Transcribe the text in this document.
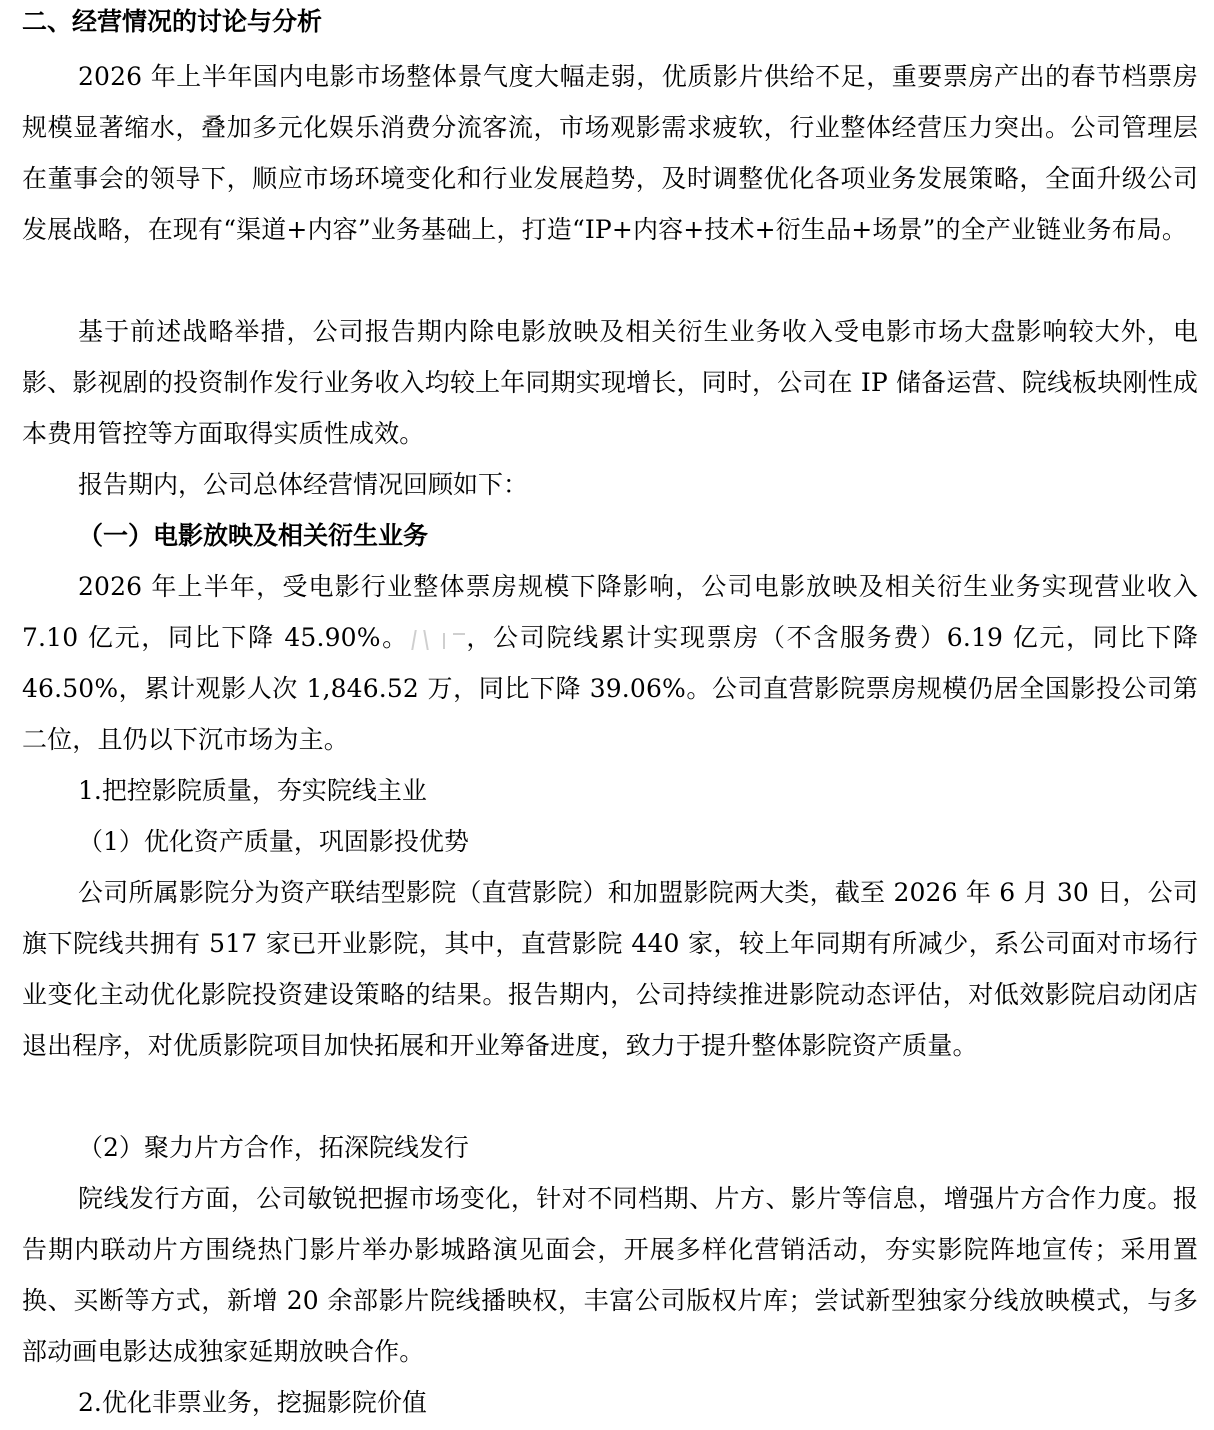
二、经营情况的讨论与分析

2026 年上半年国内电影市场整体景气度大幅走弱，优质影片供给不足，重要票房产出的春节档票房规模显著缩水，叠加多元化娱乐消费分流客流，市场观影需求疲软，行业整体经营压力突出。公司管理层在董事会的领导下，顺应市场环境变化和行业发展趋势，及时调整优化各项业务发展策略，全面升级公司发展战略，在现有“渠道+内容”业务基础上，打造“IP+内容+技术+衍生品+场景”的全产业链业务布局。

基于前述战略举措，公司报告期内除电影放映及相关衍生业务收入受电影市场大盘影响较大外，电影、影视剧的投资制作发行业务收入均较上年同期实现增长，同时，公司在 IP 储备运营、院线板块刚性成本费用管控等方面取得实质性成效。

报告期内，公司总体经营情况回顾如下：
（一）电影放映及相关衍生业务

2026 年上半年，受电影行业整体票房规模下降影响，公司电影放映及相关衍生业务实现营业收入 7.10 亿元，同比下降 45.90%。 ，公司院线累计实现票房（不含服务费）6.19 亿元，同比下降 46.50%，累计观影人次 1,846.52 万，同比下降 39.06%。公司直营影院票房规模仍居全国影投公司第二位，且仍以下沉市场为主。

1.把控影院质量，夯实院线主业
（1）优化资产质量，巩固影投优势

公司所属影院分为资产联结型影院（直营影院）和加盟影院两大类，截至 2026 年 6 月 30 日，公司旗下院线共拥有 517 家已开业影院，其中，直营影院 440 家，较上年同期有所减少，系公司面对市场行业变化主动优化影院投资建设策略的结果。报告期内，公司持续推进影院动态评估，对低效影院启动闭店退出程序，对优质影院项目加快拓展和开业筹备进度，致力于提升整体影院资产质量。

（2）聚力片方合作，拓深院线发行

院线发行方面，公司敏锐把握市场变化，针对不同档期、片方、影片等信息，增强片方合作力度。报告期内联动片方围绕热门影片举办影城路演见面会，开展多样化营销活动，夯实影院阵地宣传；采用置换、买断等方式，新增 20 余部影片院线播映权，丰富公司版权片库；尝试新型独家分线放映模式，与多部动画电影达成独家延期放映合作。

2.优化非票业务，挖掘影院价值
